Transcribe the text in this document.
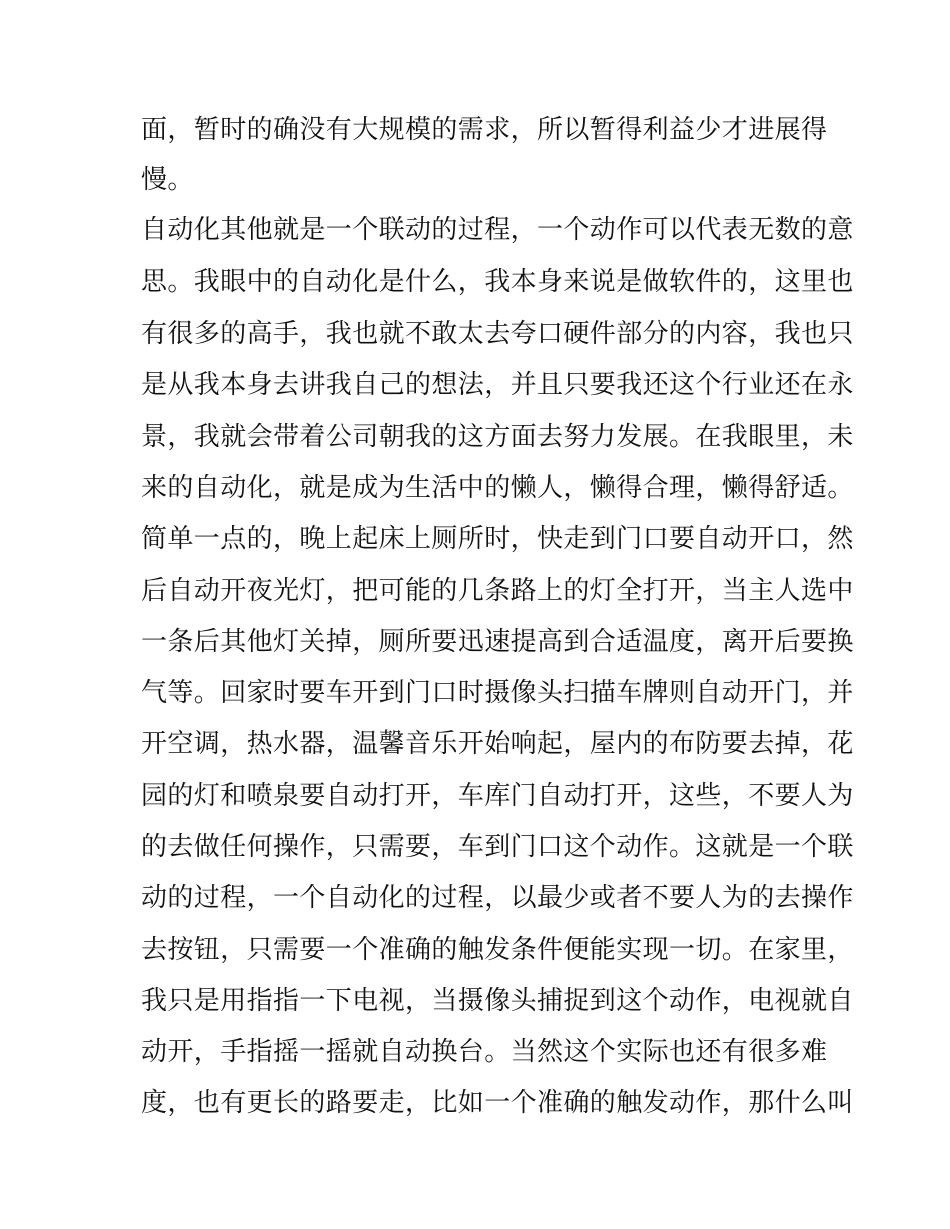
面，暂时的确没有大规模的需求，所以暂得利益少才进展得
慢。
自动化其他就是一个联动的过程，一个动作可以代表无数的意
思。我眼中的自动化是什么，我本身来说是做软件的，这里也
有很多的高手，我也就不敢太去夸口硬件部分的内容，我也只
是从我本身去讲我自己的想法，并且只要我还这个行业还在永
景，我就会带着公司朝我的这方面去努力发展。在我眼里，未
来的自动化，就是成为生活中的懒人，懒得合理，懒得舒适。
简单一点的，晚上起床上厕所时，快走到门口要自动开口，然
后自动开夜光灯，把可能的几条路上的灯全打开，当主人选中
一条后其他灯关掉，厕所要迅速提高到合适温度，离开后要换
气等。回家时要车开到门口时摄像头扫描车牌则自动开门，并
开空调，热水器，温馨音乐开始响起，屋内的布防要去掉，花
园的灯和喷泉要自动打开，车库门自动打开，这些，不要人为
的去做任何操作，只需要，车到门口这个动作。这就是一个联
动的过程，一个自动化的过程，以最少或者不要人为的去操作
去按钮，只需要一个准确的触发条件便能实现一切。在家里，
我只是用指指一下电视，当摄像头捕捉到这个动作，电视就自
动开，手指摇一摇就自动换台。当然这个实际也还有很多难
度，也有更长的路要走，比如一个准确的触发动作，那什么叫
